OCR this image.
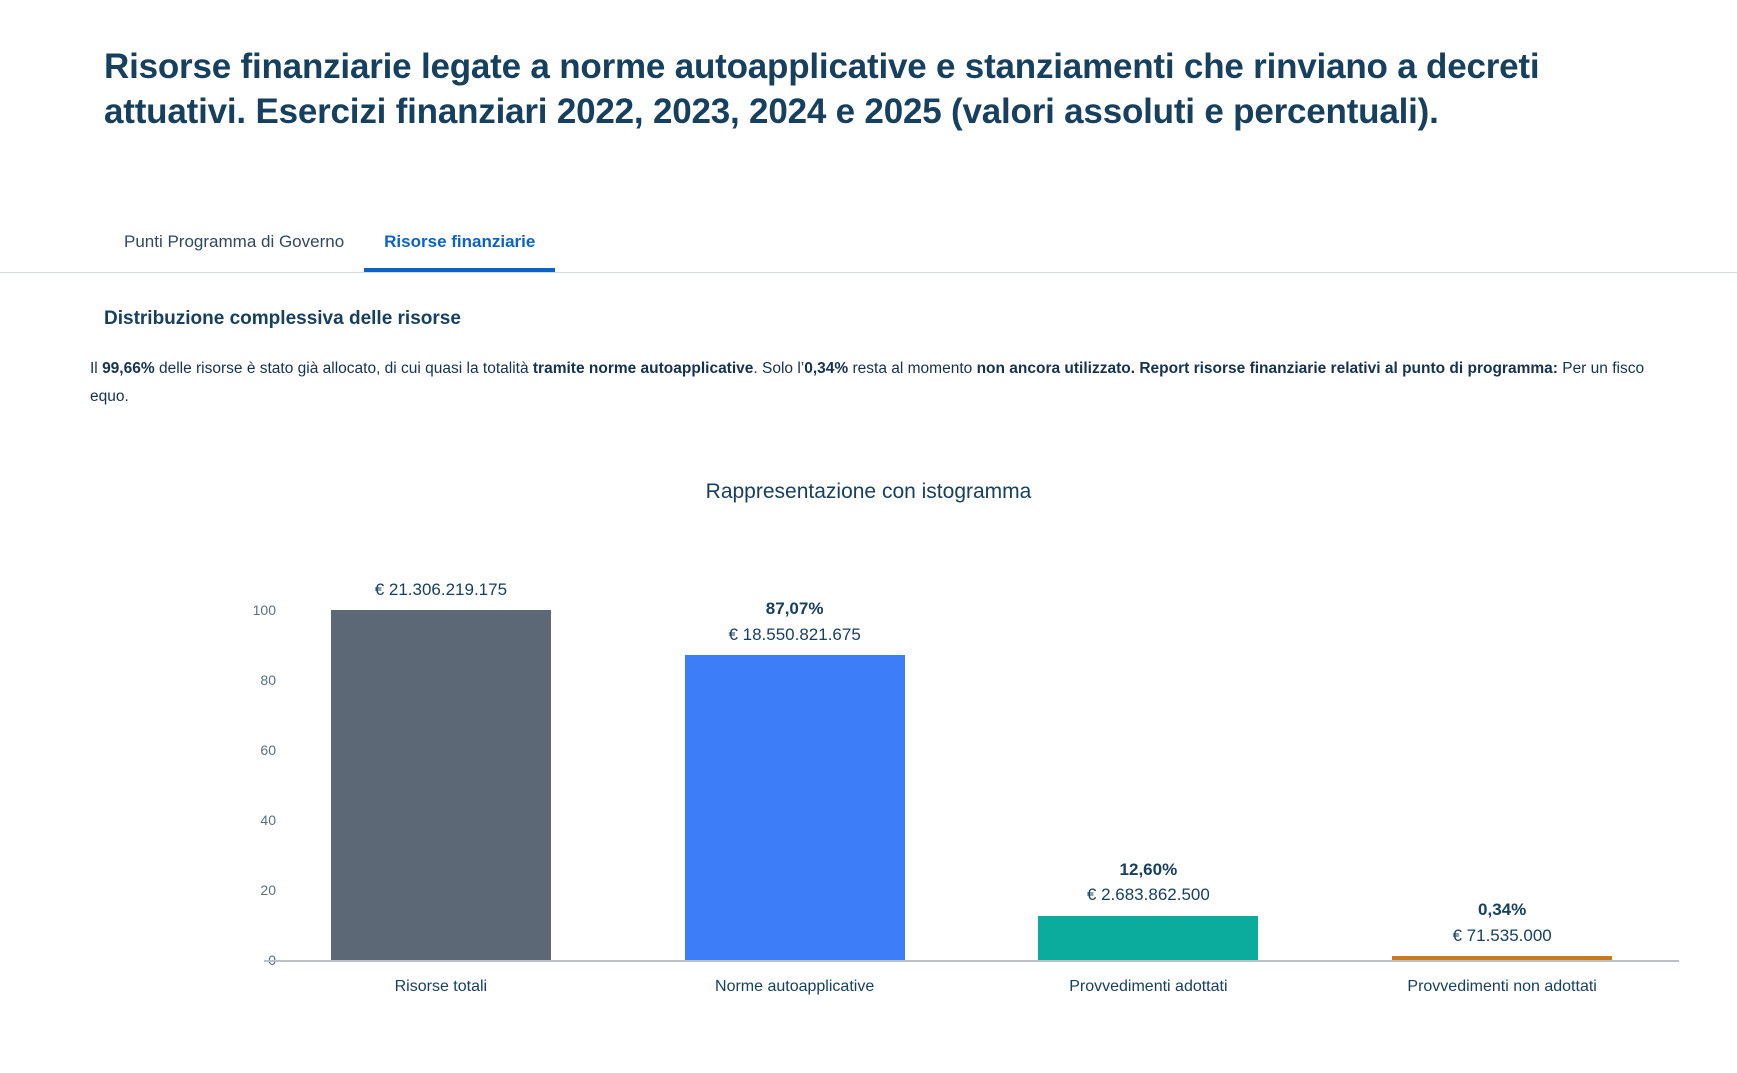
Risorse finanziarie legate a norme autoapplicative e stanziamenti che rinviano a decreti attuativi. Esercizi finanziari 2022, 2023, 2024 e 2025 (valori assoluti e percentuali).
Punti Programma di Governo	Risorse finanziarie
Distribuzione complessiva delle risorse
Il 99,66% delle risorse è stato già allocato, di cui quasi la totalità tramite norme autoapplicative. Solo l’0,34% resta al momento non ancora utilizzato. Report risorse finanziarie relativi al punto di programma: Per un fisco equo.
Rappresentazione con istogramma
20
40
60
80
100
€ 21.306.219.175
87,07%
€ 18.550.821.675
12,60%
€ 2.683.862.500
0,34%
€ 71.535.000
Risorse totali	Norme autoapplicative	Provvedimenti adottati	Provvedimenti non adottati
